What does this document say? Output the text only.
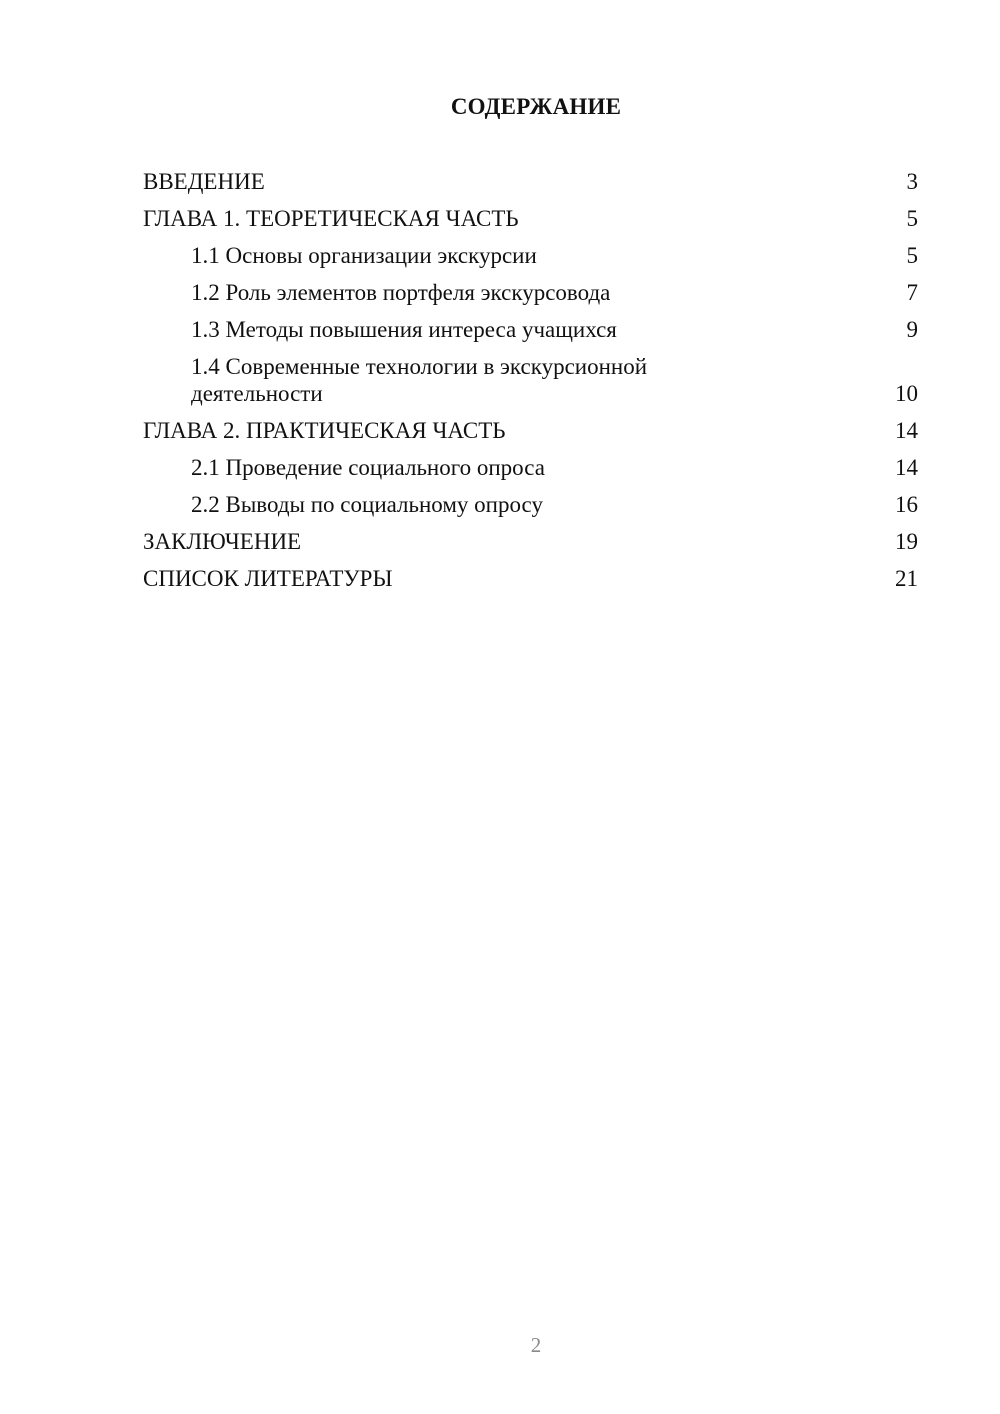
СОДЕРЖАНИЕ
ВВЕДЕНИЕ	3
ГЛАВА 1. ТЕОРЕТИЧЕСКАЯ ЧАСТЬ	5
1.1 Основы организации экскурсии	5
1.2 Роль элементов портфеля экскурсовода	7
1.3 Методы повышения интереса учащихся	9
1.4 Современные технологии в экскурсионной деятельности	10
ГЛАВА 2. ПРАКТИЧЕСКАЯ ЧАСТЬ	14
2.1 Проведение социального опроса	14
2.2 Выводы по социальному опросу	16
ЗАКЛЮЧЕНИЕ	19
СПИСОК ЛИТЕРАТУРЫ	21
2
